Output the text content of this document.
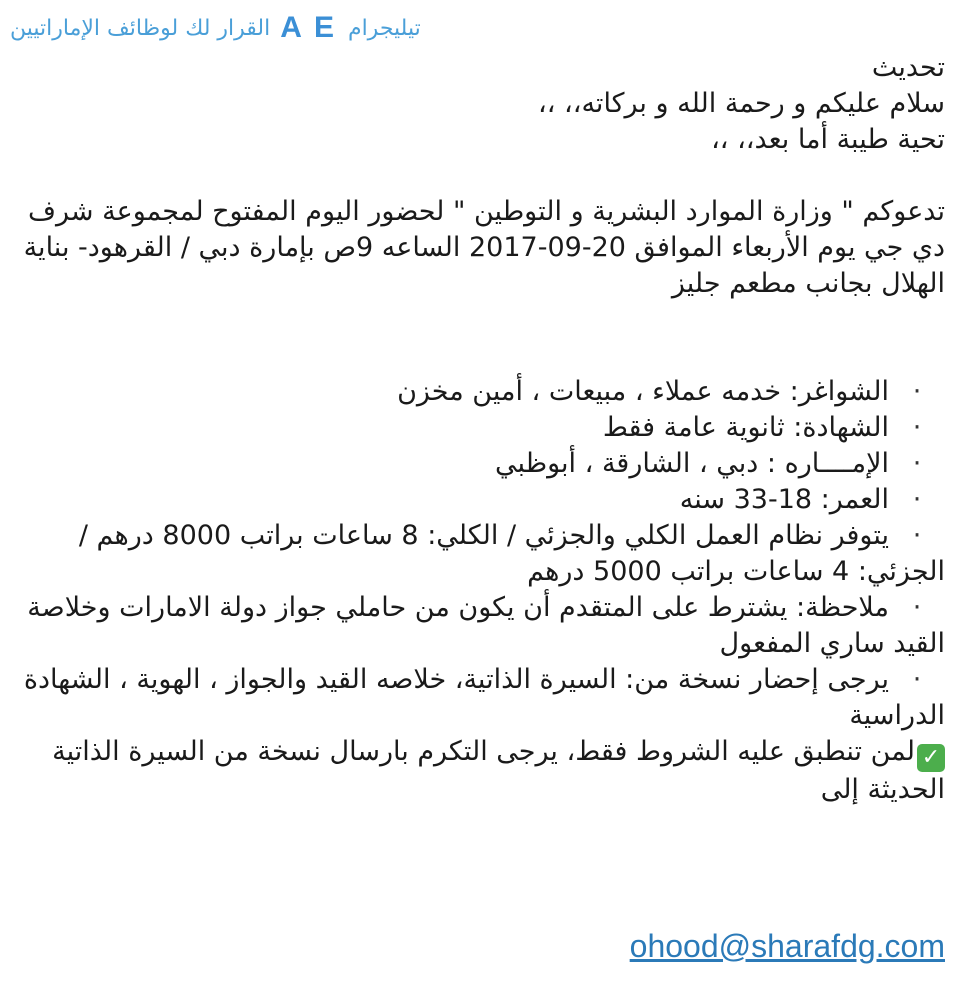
القرار لك لوظائف الإماراتيين A E تيليجرام

تحديث

سلام عليكم و رحمة الله و بركاته،، ،،

تحية طيبة أما بعد،، ،،

تدعوكم " وزارة الموارد البشرية و التوطين " لحضور اليوم المفتوح لمجموعة شرف دي جي يوم الأربعاء الموافق 20-09-2017 الساعه 9ص بإمارة دبي / القرهود- بناية الهلال بجانب مطعم جليز

·الشواغر: خدمه عملاء ، مبيعات ، أمين مخزن

·الشهادة: ثانوية عامة فقط

·الإمــــاره : دبي ، الشارقة ، أبوظبي

·العمر: 18-33 سنه

·يتوفر نظام العمل الكلي والجزئي / الكلي: 8 ساعات براتب 8000 درهم / الجزئي: 4 ساعات براتب 5000 درهم

·ملاحظة: يشترط على المتقدم أن يكون من حاملي جواز دولة الامارات وخلاصة القيد ساري المفعول

·يرجى إحضار نسخة من: السيرة الذاتية، خلاصه القيد والجواز ، الهوية ، الشهادة الدراسية

✓لمن تنطبق عليه الشروط فقط، يرجى التكرم بارسال نسخة من السيرة الذاتية الحديثة إلى

ohood@sharafdg.com
